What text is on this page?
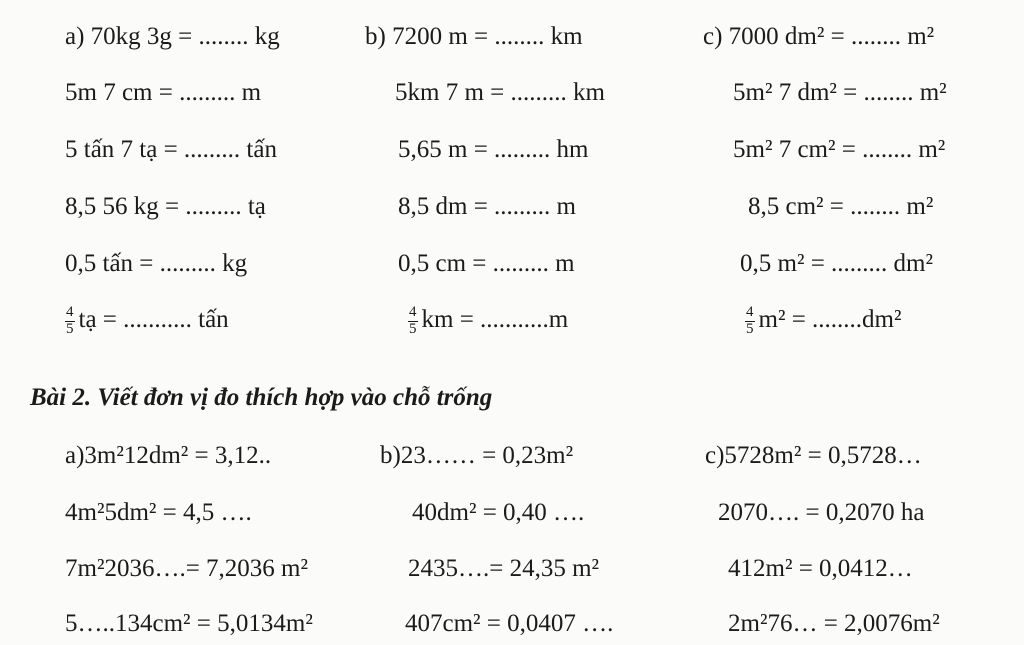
a) 70kg 3g = ........ kg
5m 7 cm = ......... m
5 tấn 7 tạ = ......... tấn
8,5 56 kg = ......... tạ
0,5 tấn = ......... kg
$\frac{4}{5}$ tạ = ........... tấn
b) 7200 m = ........ km
5km 7 m = ......... km
5,65 m = ......... hm
8,5 dm = ......... m
0,5 cm = ......... m
$\frac{4}{5}$ km = ...........m
c) 7000 dm² = ........ m²
5m² 7 dm² = ........ m²
5m² 7 cm² = ........ m²
8,5 cm² = ........ m²
0,5 m² = ......... dm²
$\frac{4}{5} m^2 = ........dm^2$
Bài 2. Viết đơn vị đo thích hợp vào chỗ trống
a)3m²12dm² = 3,12..
4m²5dm² = 4,5 ….
7m²2036….= 7,2036 m²
5…..134cm² = 5,0134m²
b)23…… = 0,23m²
40dm² = 0,40 ….
2435….= 24,35 m²
407cm² = 0,0407 ….
c)5728m² = 0,5728…
2070…. = 0,2070 ha
412m² = 0,0412…
2m²76… = 2,0076m²
